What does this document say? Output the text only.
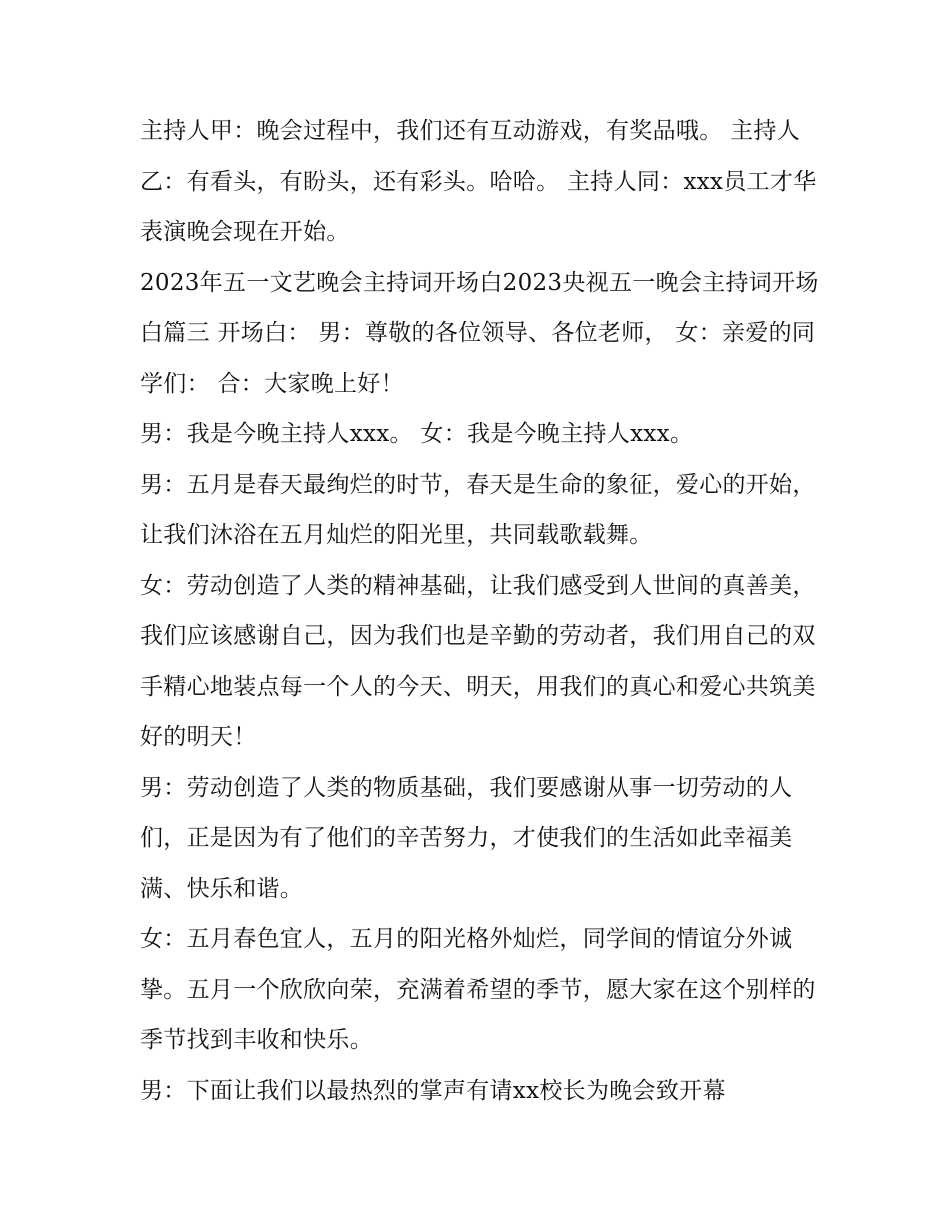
主持人甲：晚会过程中，我们还有互动游戏，有奖品哦。 主持人乙：有看头，有盼头，还有彩头。哈哈。 主持人同：xxx员工才华表演晚会现在开始。

2023年五一文艺晚会主持词开场白2023央视五一晚会主持词开场白篇三 开场白： 男：尊敬的各位领导、各位老师， 女：亲爱的同学们： 合：大家晚上好！

男：我是今晚主持人xxx。 女：我是今晚主持人xxx。

男：五月是春天最绚烂的时节，春天是生命的象征，爱心的开始，让我们沐浴在五月灿烂的阳光里，共同载歌载舞。

女：劳动创造了人类的精神基础，让我们感受到人世间的真善美，我们应该感谢自己，因为我们也是辛勤的劳动者，我们用自己的双手精心地装点每一个人的今天、明天，用我们的真心和爱心共筑美好的明天！

男：劳动创造了人类的物质基础，我们要感谢从事一切劳动的人们，正是因为有了他们的辛苦努力，才使我们的生活如此幸福美满、快乐和谐。

女：五月春色宜人，五月的阳光格外灿烂，同学间的情谊分外诚挚。五月一个欣欣向荣，充满着希望的季节，愿大家在这个别样的季节找到丰收和快乐。

男：下面让我们以最热烈的掌声有请xx校长为晚会致开幕
